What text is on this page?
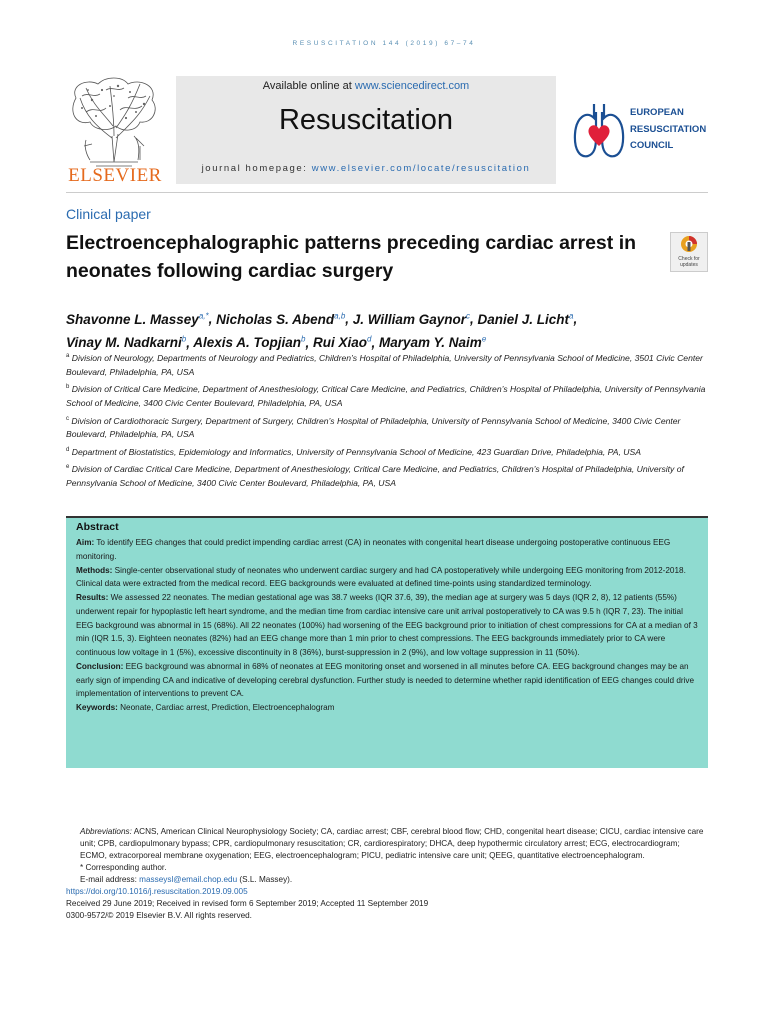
RESUSCITATION 144 (2019) 67–74
ELSEVIER
Available online at www.sciencedirect.com
Resuscitation
journal homepage: www.elsevier.com/locate/resuscitation
EUROPEAN
RESUSCITATION
COUNCIL
Clinical paper
Electroencephalographic patterns preceding cardiac arrest in neonates following cardiac surgery
Check for updates
Shavonne L. Massey$^{a,*}$, Nicholas S. Abend$^{a,b}$, J. William Gaynor$^c$, Daniel J. Licht$^a$,
Vinay M. Nadkarni$^b$, Alexis A. Topjian$^b$, Rui Xiao$^d$, Maryam Y. Naim$^e$
$^a$ Division of Neurology, Departments of Neurology and Pediatrics, Children’s Hospital of Philadelphia, University of Pennsylvania School of Medicine, 3501 Civic Center Boulevard, Philadelphia, PA, USA
$^b$ Division of Critical Care Medicine, Department of Anesthesiology, Critical Care Medicine, and Pediatrics, Children’s Hospital of Philadelphia, University of Pennsylvania School of Medicine, 3400 Civic Center Boulevard, Philadelphia, PA, USA
$^c$ Division of Cardiothoracic Surgery, Department of Surgery, Children’s Hospital of Philadelphia, University of Pennsylvania School of Medicine, 3400 Civic Center Boulevard, Philadelphia, PA, USA
$^d$ Department of Biostatistics, Epidemiology and Informatics, University of Pennsylvania School of Medicine, 423 Guardian Drive, Philadelphia, PA, USA
$^e$ Division of Cardiac Critical Care Medicine, Department of Anesthesiology, Critical Care Medicine, and Pediatrics, Children’s Hospital of Philadelphia, University of Pennsylvania School of Medicine, 3400 Civic Center Boulevard, Philadelphia, PA, USA
Abstract

Aim: To identify EEG changes that could predict impending cardiac arrest (CA) in neonates with congenital heart disease undergoing postoperative continuous EEG monitoring.

Methods: Single-center observational study of neonates who underwent cardiac surgery and had CA postoperatively while undergoing EEG monitoring from 2012-2018. Clinical data were extracted from the medical record. EEG backgrounds were evaluated at defined time-points using standardized terminology.

Results: We assessed 22 neonates. The median gestational age was 38.7 weeks (IQR 37.6, 39), the median age at surgery was 5 days (IQR 2, 8), 12 patients (55%) underwent repair for hypoplastic left heart syndrome, and the median time from cardiac intensive care unit arrival postoperatively to CA was 9.5 h (IQR 7, 23). The initial EEG background was abnormal in 15 (68%). All 22 neonates (100%) had worsening of the EEG background prior to initiation of chest compressions for CA at a median of 3 min (IQR 1.5, 3). Eighteen neonates (82%) had an EEG change more than 1 min prior to chest compressions. The EEG backgrounds immediately prior to CA were continuous low voltage in 1 (5%), excessive discontinuity in 8 (36%), burst-suppression in 2 (9%), and low voltage suppression in 11 (50%).

Conclusion: EEG background was abnormal in 68% of neonates at EEG monitoring onset and worsened in all minutes before CA. EEG background changes may be an early sign of impending CA and indicative of developing cerebral dysfunction. Further study is needed to determine whether rapid identification of EEG changes could drive implementation of interventions to prevent CA.

Keywords: Neonate, Cardiac arrest, Prediction, Electroencephalogram

Abbreviations: ACNS, American Clinical Neurophysiology Society; CA, cardiac arrest; CBF, cerebral blood flow; CHD, congenital heart disease; CICU, cardiac intensive care unit; CPB, cardiopulmonary bypass; CPR, cardiopulmonary resuscitation; CR, cardiorespiratory; DHCA, deep hypothermic circulatory arrest; ECG, electrocardiogram; ECMO, extracorporeal membrane oxygenation; EEG, electroencephalogram; PICU, pediatric intensive care unit; QEEG, quantitative electroencephalogram.

* Corresponding author.

E-mail address: masseysl@email.chop.edu (S.L. Massey).

https://doi.org/10.1016/j.resuscitation.2019.09.005

Received 29 June 2019; Received in revised form 6 September 2019; Accepted 11 September 2019

0300-9572/© 2019 Elsevier B.V. All rights reserved.
